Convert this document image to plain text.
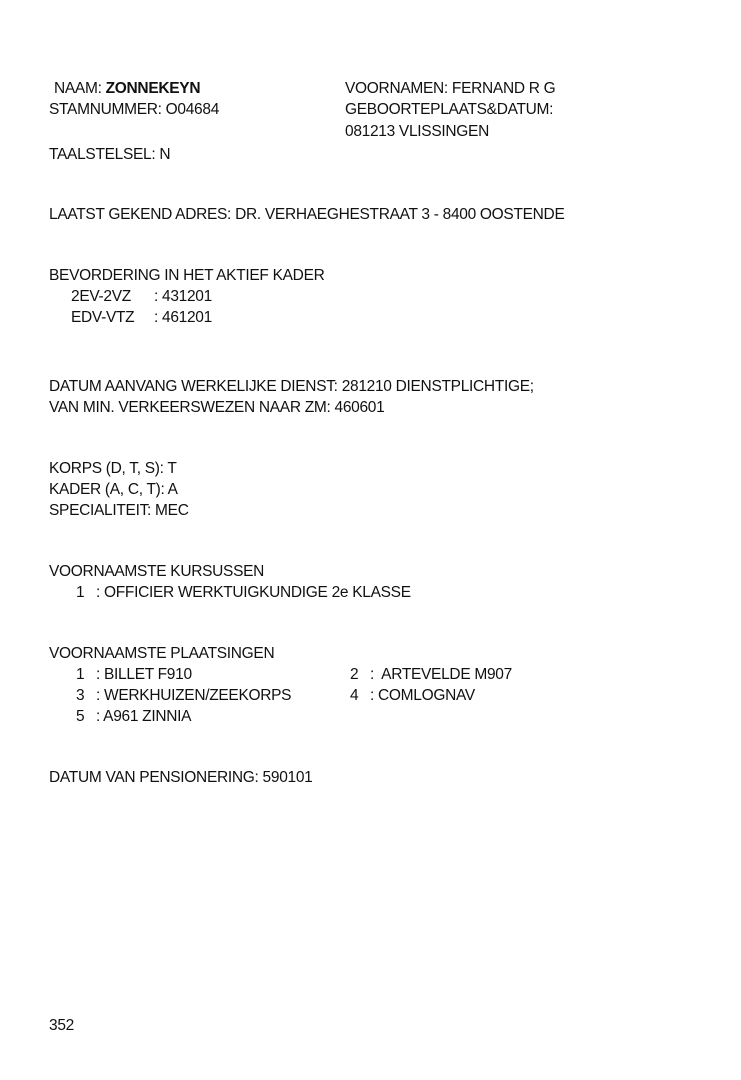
NAAM: ZONNEKEYN
STAMNUMMER: O04684
TAALSTELSEL: N
VOORNAMEN: FERNAND R G
GEBOORTEPLAATS&DATUM:
081213 VLISSINGEN
LAATST GEKEND ADRES: DR. VERHAEGHESTRAAT 3 - 8400 OOSTENDE
BEVORDERING IN HET AKTIEF KADER
2EV-2VZ : 431201
EDV-VTZ : 461201
DATUM AANVANG WERKELIJKE DIENST: 281210 DIENSTPLICHTIGE;
VAN MIN. VERKEERSWEZEN NAAR ZM: 460601
KORPS (D, T, S): T
KADER (A, C, T): A
SPECIALITEIT: MEC
VOORNAAMSTE KURSUSSEN
1 : OFFICIER WERKTUIGKUNDIGE 2e KLASSE
VOORNAAMSTE PLAATSINGEN
1 : BILLET F910	2 :  ARTEVELDE M907
3 : WERKHUIZEN/ZEEKORPS	4 : COMLOGNAV
5 : A961 ZINNIA
DATUM VAN PENSIONERING: 590101
352
